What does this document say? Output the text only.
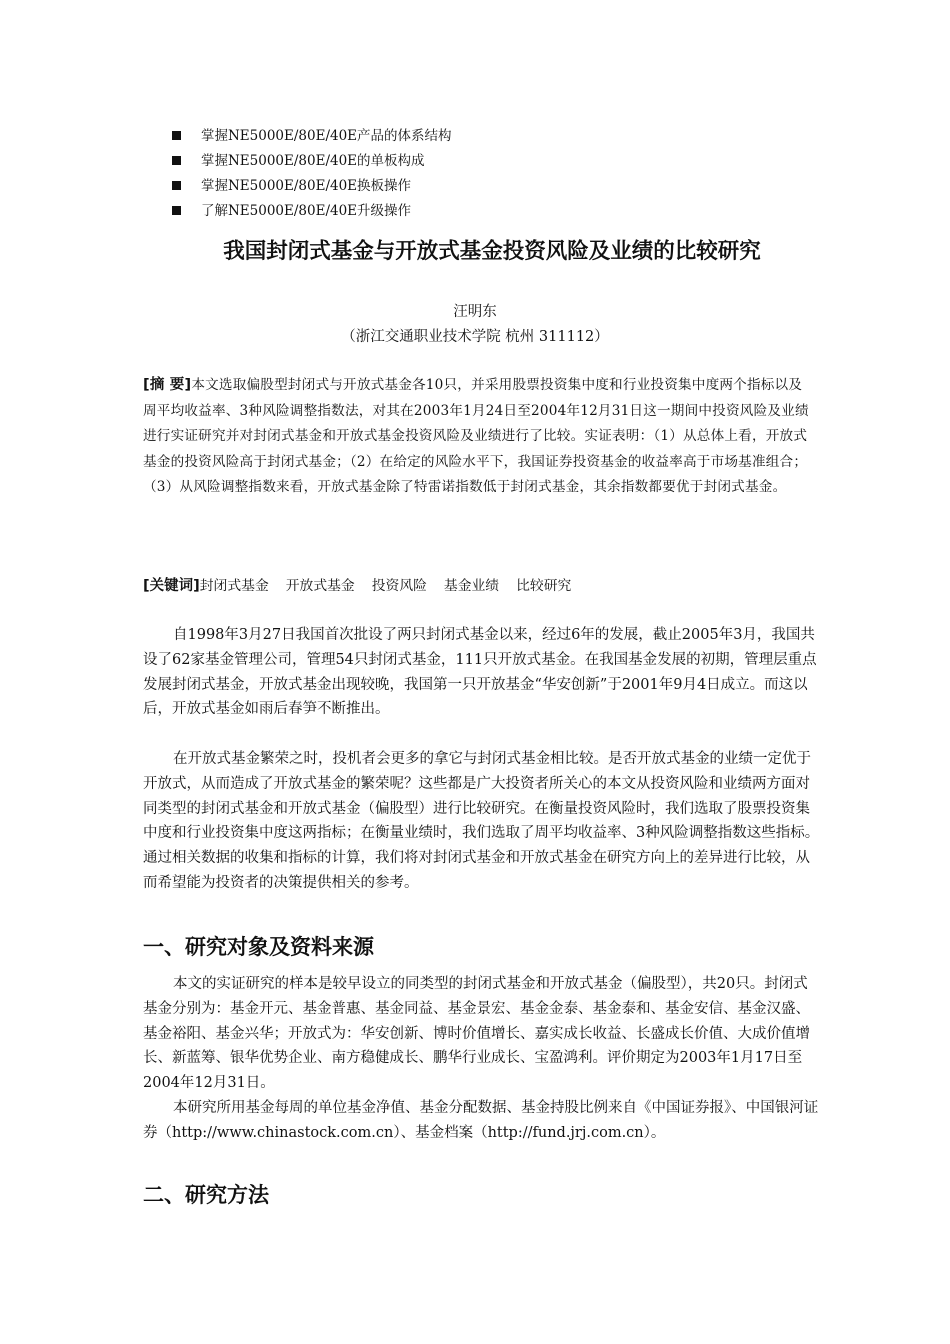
掌握NE5000E/80E/40E产品的体系结构
掌握NE5000E/80E/40E的单板构成
掌握NE5000E/80E/40E换板操作
了解NE5000E/80E/40E升级操作
我国封闭式基金与开放式基金投资风险及业绩的比较研究
汪明东
（浙江交通职业技术学院 杭州 311112）

[摘 要]本文选取偏股型封闭式与开放式基金各10只，并采用股票投资集中度和行业投资集中度两个指标以及周平均收益率、3种风险调整指数法，对其在2003年1月24日至2004年12月31日这一期间中投资风险及业绩进行实证研究并对封闭式基金和开放式基金投资风险及业绩进行了比较。实证表明：（1）从总体上看，开放式基金的投资风险高于封闭式基金；（2）在给定的风险水平下，我国证券投资基金的收益率高于市场基准组合；（3）从风险调整指数来看，开放式基金除了特雷诺指数低于封闭式基金，其余指数都要优于封闭式基金。

[关键词]封闭式基金 开放式基金 投资风险 基金业绩 比较研究

自1998年3月27日我国首次批设了两只封闭式基金以来，经过6年的发展，截止2005年3月，我国共设了62家基金管理公司，管理54只封闭式基金，111只开放式基金。在我国基金发展的初期，管理层重点发展封闭式基金，开放式基金出现较晚，我国第一只开放基金“华安创新”于2001年9月4日成立。而这以后，开放式基金如雨后春笋不断推出。

在开放式基金繁荣之时，投机者会更多的拿它与封闭式基金相比较。是否开放式基金的业绩一定优于开放式，从而造成了开放式基金的繁荣呢？这些都是广大投资者所关心的本文从投资风险和业绩两方面对同类型的封闭式基金和开放式基金（偏股型）进行比较研究。在衡量投资风险时，我们选取了股票投资集中度和行业投资集中度这两指标；在衡量业绩时，我们选取了周平均收益率、3种风险调整指数这些指标。通过相关数据的收集和指标的计算，我们将对封闭式基金和开放式基金在研究方向上的差异进行比较，从而希望能为投资者的决策提供相关的参考。

一、研究对象及资料来源

本文的实证研究的样本是较早设立的同类型的封闭式基金和开放式基金（偏股型），共20只。封闭式基金分别为：基金开元、基金普惠、基金同益、基金景宏、基金金泰、基金泰和、基金安信、基金汉盛、基金裕阳、基金兴华；开放式为：华安创新、博时价值增长、嘉实成长收益、长盛成长价值、大成价值增长、新蓝筹、银华优势企业、南方稳健成长、鹏华行业成长、宝盈鸿利。评价期定为2003年1月17日至2004年12月31日。

本研究所用基金每周的单位基金净值、基金分配数据、基金持股比例来自《中国证券报》、中国银河证券（http://www.chinastock.com.cn）、基金档案（http://fund.jrj.com.cn）。

二、研究方法
